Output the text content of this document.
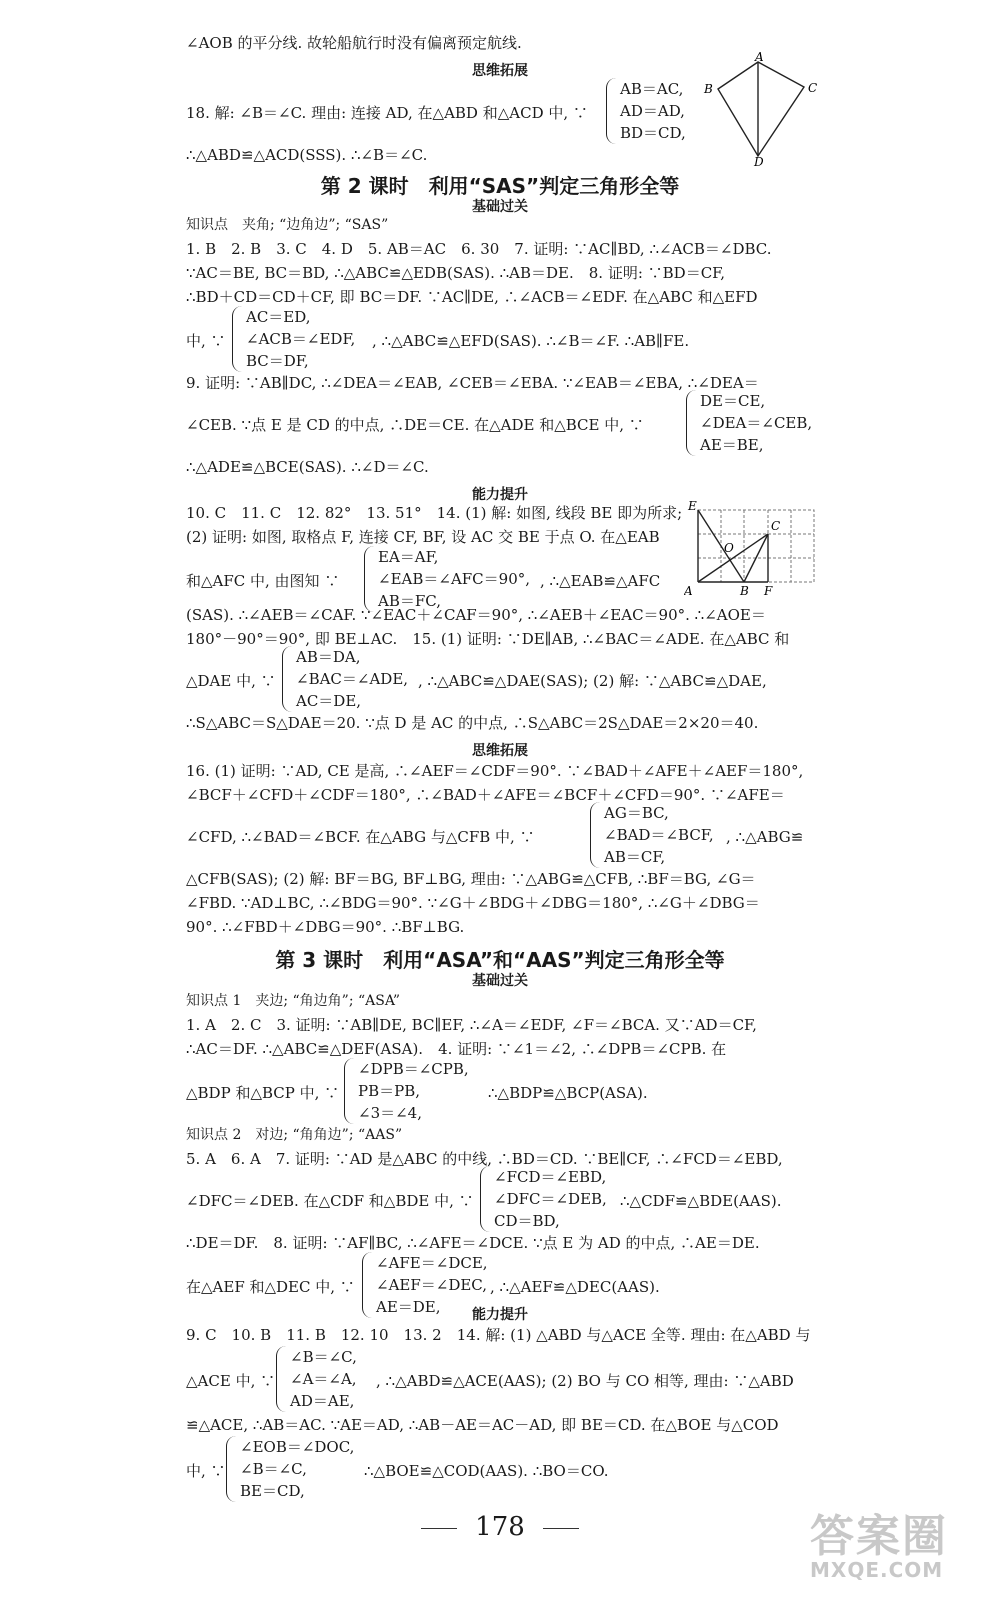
∠AOB 的平分线. 故轮船航行时没有偏离预定航线.
思维拓展
18. 解: ∠B＝∠C. 理由: 连接 AD, 在△ABD 和△ACD 中, ∵
AB＝AC,
AD＝AD,
BD＝CD,
∴△ABD≌△ACD(SSS). ∴∠B＝∠C.
A
B	C
D
第 2 课时　利用“SAS”判定三角形全等
基础过关
知识点　夹角; “边角边”; “SAS”
1. B　2. B　3. C　4. D　5. AB＝AC　6. 30　7. 证明: ∵AC∥BD, ∴∠ACB＝∠DBC.
∵AC＝BE, BC＝BD, ∴△ABC≌△EDB(SAS). ∴AB＝DE.　8. 证明: ∵BD＝CF,
∴BD＋CD＝CD＋CF, 即 BC＝DF. ∵AC∥DE, ∴∠ACB＝∠EDF. 在△ABC 和△EFD
中, ∵
AC＝ED,
∠ACB＝∠EDF,
BC＝DF,
, ∴△ABC≌△EFD(SAS). ∴∠B＝∠F. ∴AB∥FE.
9. 证明: ∵AB∥DC, ∴∠DEA＝∠EAB, ∠CEB＝∠EBA. ∵∠EAB＝∠EBA, ∴∠DEA＝
∠CEB. ∵点 E 是 CD 的中点, ∴DE＝CE. 在△ADE 和△BCE 中, ∵
DE＝CE,
∠DEA＝∠CEB,
AE＝BE,
∴△ADE≌△BCE(SAS). ∴∠D＝∠C.
能力提升
10. C　11. C　12. 82°　13. 51°　14. (1) 解: 如图, 线段 BE 即为所求;
(2) 证明: 如图, 取格点 F, 连接 CF, BF, 设 AC 交 BE 于点 O. 在△EAB
和△AFC 中, 由图知 ∵
EA＝AF,
∠EAB＝∠AFC＝90°,
AB＝FC,
, ∴△EAB≌△AFC
E
C
O
A	B F
(SAS). ∴∠AEB＝∠CAF. ∵∠EAC＋∠CAF＝90°, ∴∠AEB＋∠EAC＝90°. ∴∠AOE＝
180°－90°＝90°, 即 BE⊥AC.　15. (1) 证明: ∵DE∥AB, ∴∠BAC＝∠ADE. 在△ABC 和
△DAE 中, ∵
AB＝DA,
∠BAC＝∠ADE,
AC＝DE,
, ∴△ABC≌△DAE(SAS); (2) 解: ∵△ABC≌△DAE,
∴S△ABC＝S△DAE＝20. ∵点 D 是 AC 的中点, ∴S△ABC＝2S△DAE＝2×20＝40.
思维拓展
16. (1) 证明: ∵AD, CE 是高, ∴∠AEF＝∠CDF＝90°. ∵∠BAD＋∠AFE＋∠AEF＝180°,
∠BCF＋∠CFD＋∠CDF＝180°, ∴∠BAD＋∠AFE＝∠BCF＋∠CFD＝90°. ∵∠AFE＝
∠CFD, ∴∠BAD＝∠BCF. 在△ABG 与△CFB 中, ∵
AG＝BC,
∠BAD＝∠BCF,
AB＝CF,
, ∴△ABG≌
△CFB(SAS); (2) 解: BF＝BG, BF⊥BG, 理由: ∵△ABG≌△CFB, ∴BF＝BG, ∠G＝
∠FBD. ∵AD⊥BC, ∴∠BDG＝90°. ∵∠G＋∠BDG＋∠DBG＝180°, ∴∠G＋∠DBG＝
90°. ∴∠FBD＋∠DBG＝90°. ∴BF⊥BG.
第 3 课时　利用“ASA”和“AAS”判定三角形全等
基础过关
知识点 1　夹边; “角边角”; “ASA”
1. A　2. C　3. 证明: ∵AB∥DE, BC∥EF, ∴∠A＝∠EDF, ∠F＝∠BCA. 又∵AD＝CF,
∴AC＝DF. ∴△ABC≌△DEF(ASA).　4. 证明: ∵∠1＝∠2, ∴∠DPB＝∠CPB. 在
△BDP 和△BCP 中, ∵
∠DPB＝∠CPB,
PB＝PB,
∠3＝∠4,
∴△BDP≌△BCP(ASA).
知识点 2　对边; “角角边”; “AAS”
5. A　6. A　7. 证明: ∵AD 是△ABC 的中线, ∴BD＝CD. ∵BE∥CF, ∴∠FCD＝∠EBD,
∠DFC＝∠DEB. 在△CDF 和△BDE 中, ∵
∠FCD＝∠EBD,
∠DFC＝∠DEB,
CD＝BD,
∴△CDF≌△BDE(AAS).
∴DE＝DF.　8. 证明: ∵AF∥BC, ∴∠AFE＝∠DCE. ∵点 E 为 AD 的中点, ∴AE＝DE.
在△AEF 和△DEC 中, ∵
∠AFE＝∠DCE,
∠AEF＝∠DEC,
AE＝DE,
, ∴△AEF≌△DEC(AAS).
能力提升
9. C　10. B　11. B　12. 10　13. 2　14. 解: (1) △ABD 与△ACE 全等. 理由: 在△ABD 与
△ACE 中, ∵
∠B＝∠C,
∠A＝∠A,
AD＝AE,
, ∴△ABD≌△ACE(AAS); (2) BO 与 CO 相等, 理由: ∵△ABD
≌△ACE, ∴AB＝AC. ∵AE＝AD, ∴AB－AE＝AC－AD, 即 BE＝CD. 在△BOE 与△COD
中, ∵
∠EOB＝∠DOC,
∠B＝∠C,
BE＝CD,
∴△BOE≌△COD(AAS). ∴BO＝CO.
178	答案圈
MXQE.COM
